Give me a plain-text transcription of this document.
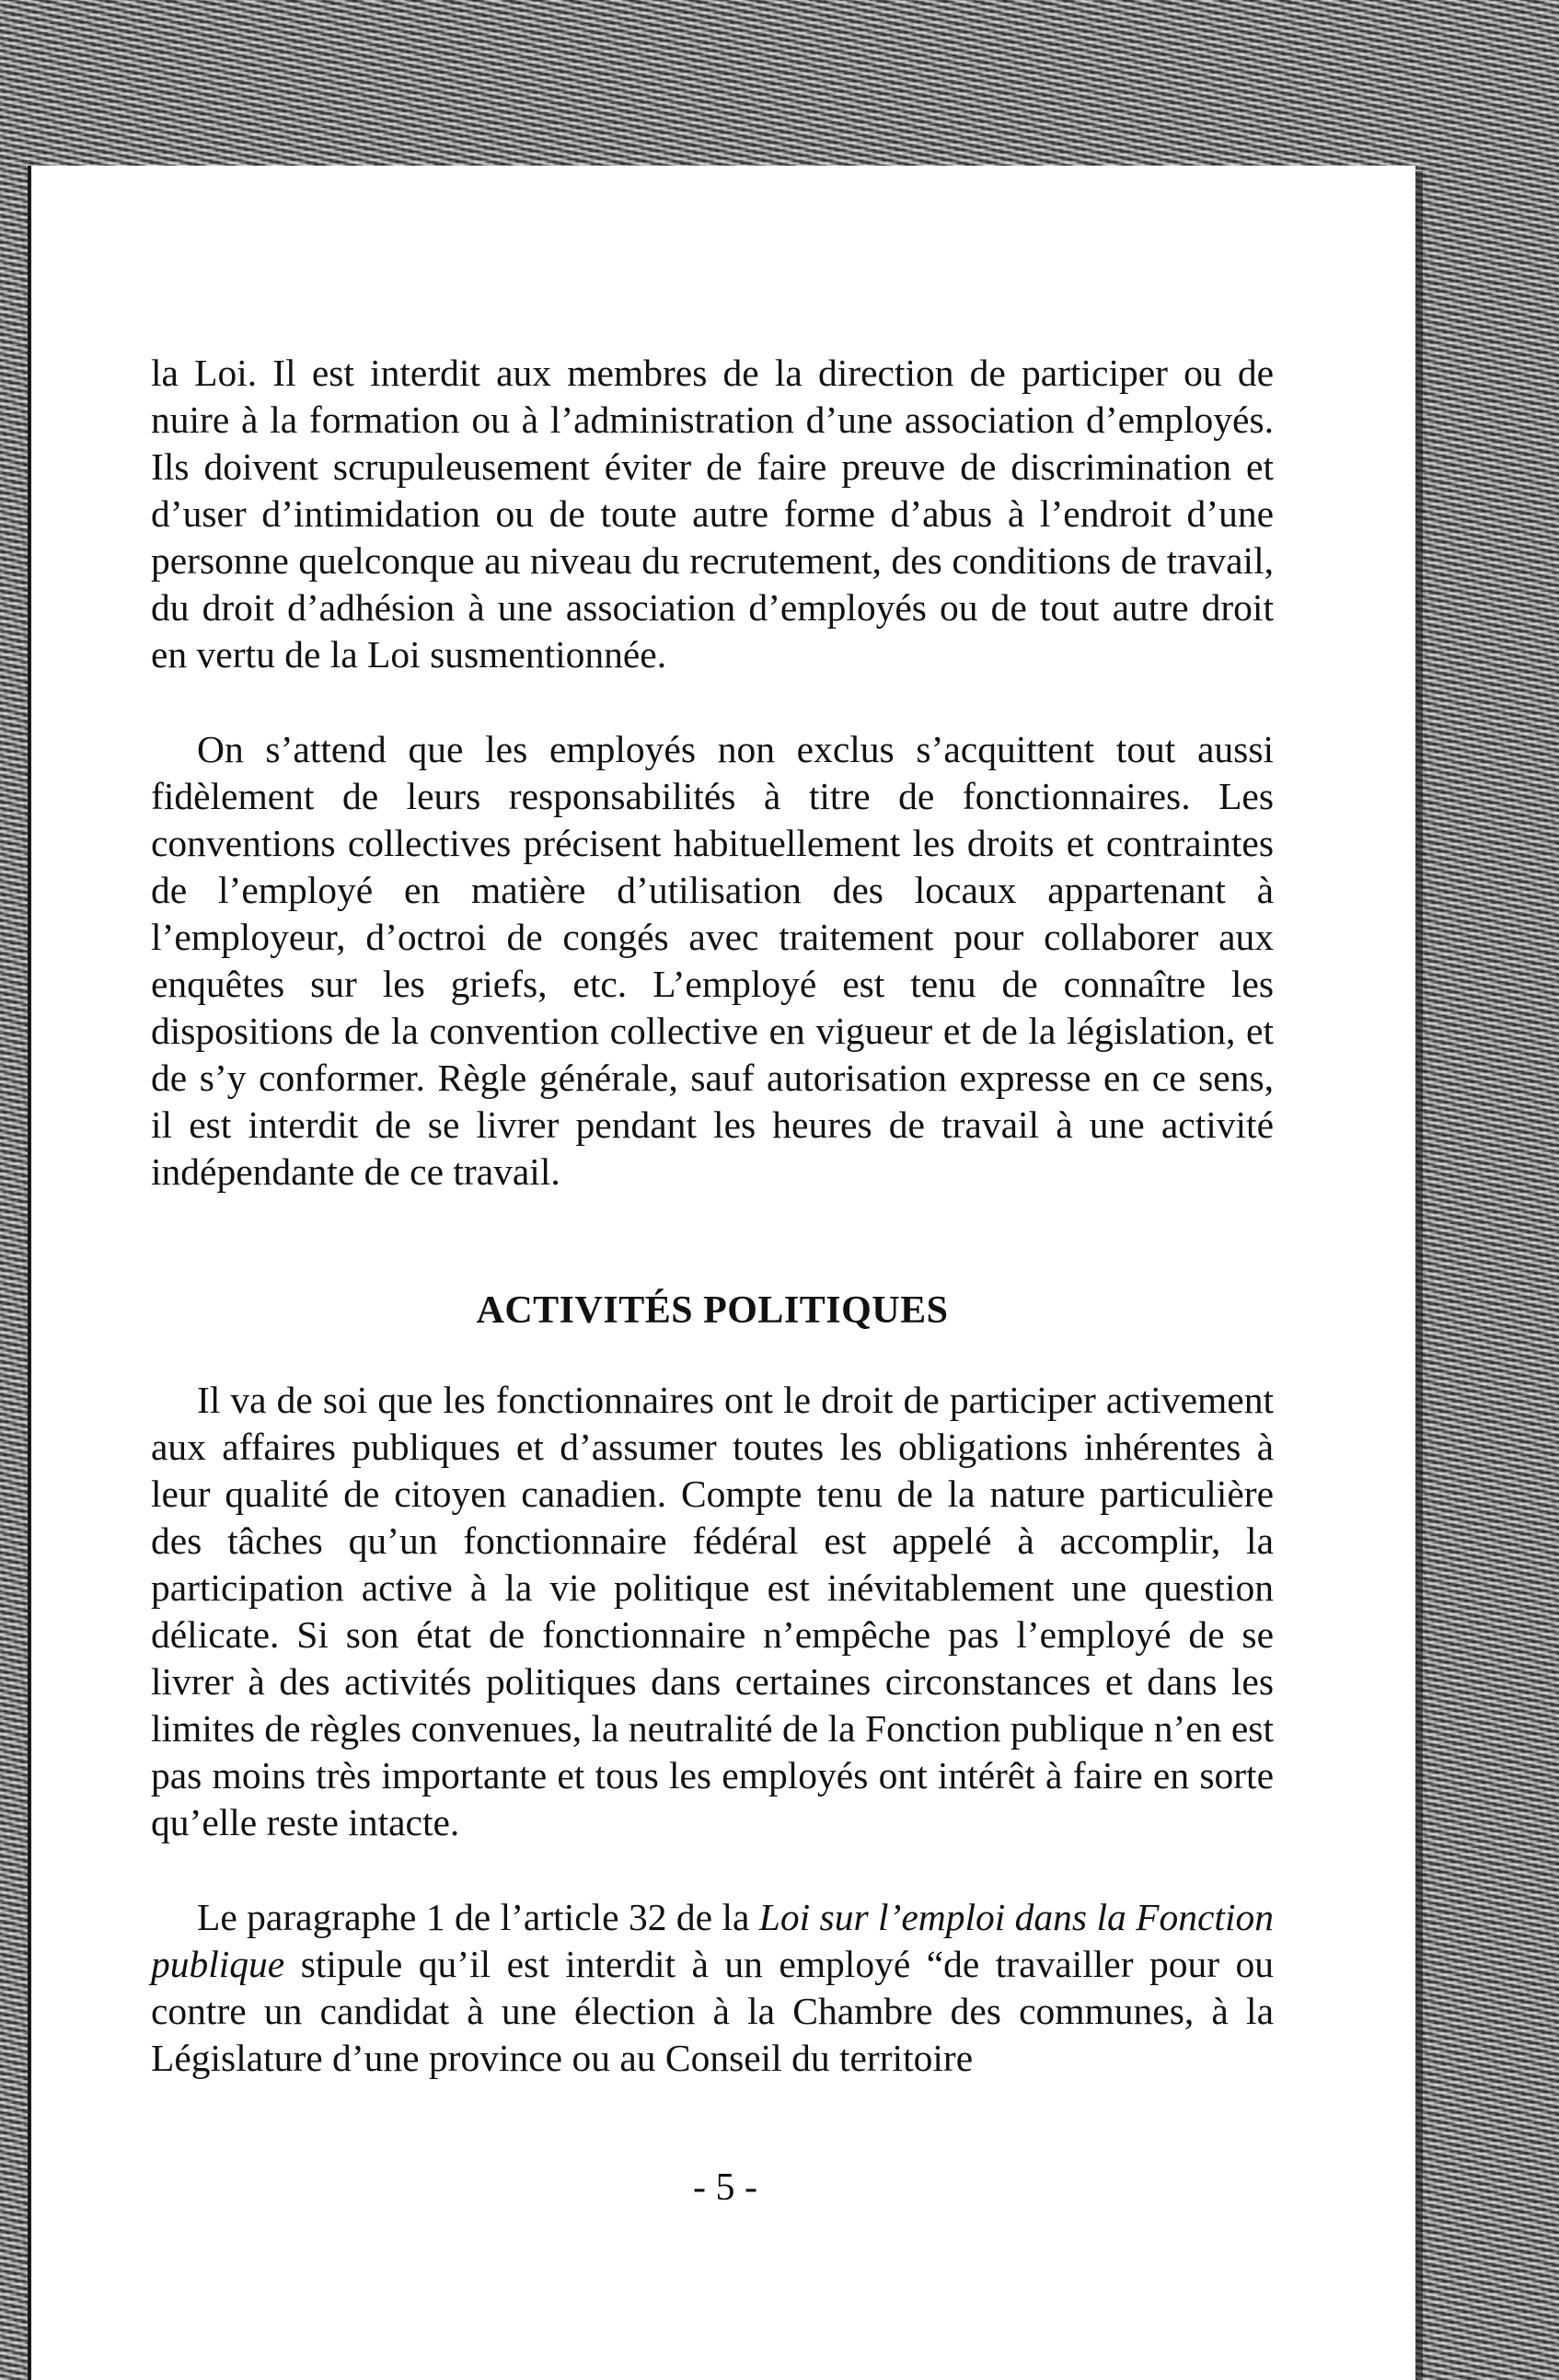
la Loi. Il est interdit aux membres de la direction de participer ou de nuire à la formation ou à l’administration d’une association d’employés. Ils doivent scrupuleusement éviter de faire preuve de discrimination et d’user d’intimidation ou de toute autre forme d’abus à l’endroit d’une personne quelconque au niveau du recrutement, des conditions de travail, du droit d’adhésion à une association d’employés ou de tout autre droit en vertu de la Loi susmentionnée.

On s’attend que les employés non exclus s’acquittent tout aussi fidèlement de leurs responsabilités à titre de fonctionnaires. Les conventions collectives précisent habituellement les droits et contraintes de l’employé en matière d’utilisation des locaux appartenant à l’employeur, d’octroi de congés avec traitement pour collaborer aux enquêtes sur les griefs, etc. L’employé est tenu de connaître les dispositions de la convention collective en vigueur et de la législation, et de s’y conformer. Règle générale, sauf autorisation expresse en ce sens, il est interdit de se livrer pendant les heures de travail à une activité indépendante de ce travail.

ACTIVITÉS POLITIQUES

Il va de soi que les fonctionnaires ont le droit de participer activement aux affaires publiques et d’assumer toutes les obligations inhérentes à leur qualité de citoyen canadien. Compte tenu de la nature particulière des tâches qu’un fonctionnaire fédéral est appelé à accomplir, la participation active à la vie politique est inévitablement une question délicate. Si son état de fonctionnaire n’empêche pas l’employé de se livrer à des activités politiques dans certaines circonstances et dans les limites de règles convenues, la neutralité de la Fonction publique n’en est pas moins très importante et tous les employés ont intérêt à faire en sorte qu’elle reste intacte.

Le paragraphe 1 de l’article 32 de la Loi sur l’emploi dans la Fonction publique stipule qu’il est interdit à un employé “de travailler pour ou contre un candidat à une élection à la Chambre des communes, à la Législature d’une province ou au Conseil du territoire

- 5 -
